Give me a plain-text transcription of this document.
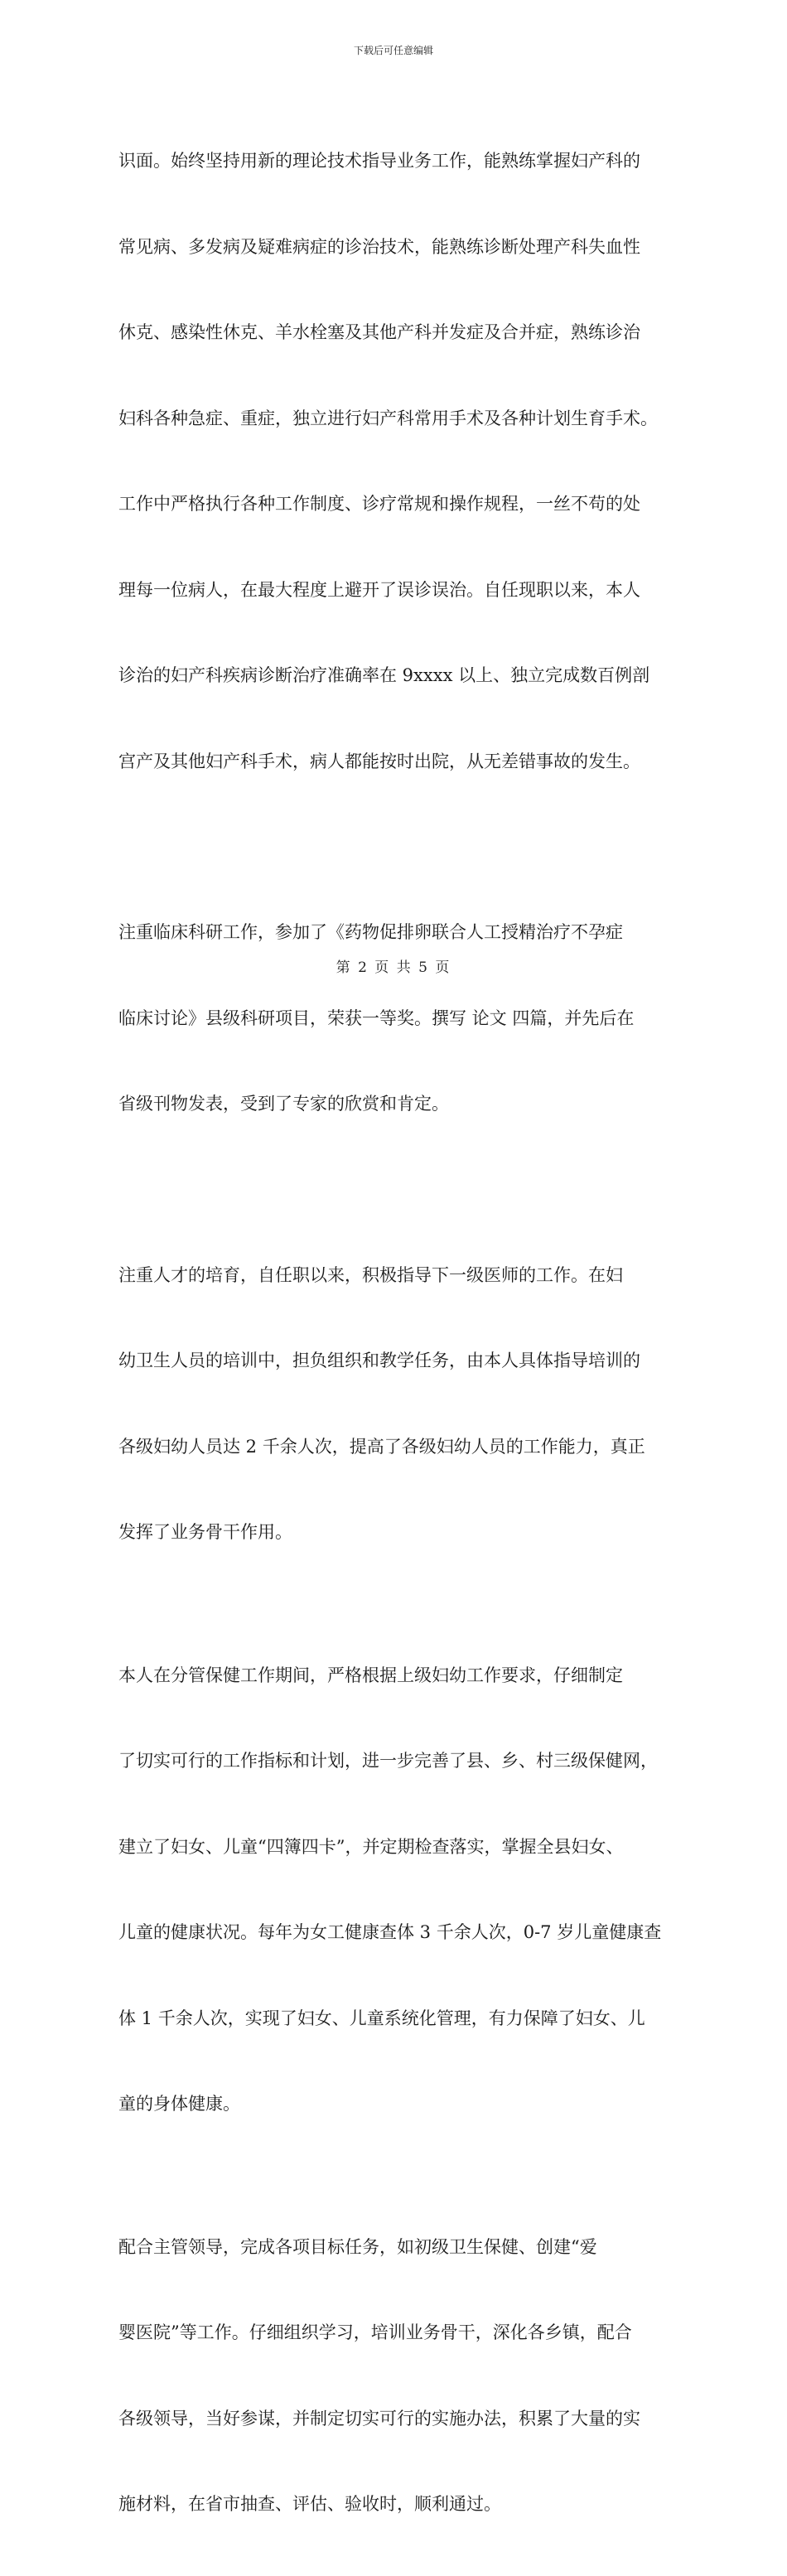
下载后可任意编辑

识面。始终坚持用新的理论技术指导业务工作，能熟练掌握妇产科的

常见病、多发病及疑难病症的诊治技术，能熟练诊断处理产科失血性

休克、感染性休克、羊水栓塞及其他产科并发症及合并症，熟练诊治

妇科各种急症、重症，独立进行妇产科常用手术及各种计划生育手术。

工作中严格执行各种工作制度、诊疗常规和操作规程，一丝不苟的处

理每一位病人，在最大程度上避开了误诊误治。自任现职以来，本人

诊治的妇产科疾病诊断治疗准确率在 9xxxx 以上、独立完成数百例剖

宫产及其他妇产科手术，病人都能按时出院，从无差错事故的发生。

注重临床科研工作，参加了《药物促排卵联合人工授精治疗不孕症

临床讨论》县级科研项目，荣获一等奖。撰写 论文 四篇，并先后在

省级刊物发表，受到了专家的欣赏和肯定。

注重人才的培育，自任职以来，积极指导下一级医师的工作。在妇

幼卫生人员的培训中，担负组织和教学任务，由本人具体指导培训的

各级妇幼人员达 2 千余人次，提高了各级妇幼人员的工作能力，真正

发挥了业务骨干作用。

本人在分管保健工作期间，严格根据上级妇幼工作要求，仔细制定

了切实可行的工作指标和计划，进一步完善了县、乡、村三级保健网，

建立了妇女、儿童“四簿四卡”，并定期检查落实，掌握全县妇女、

儿童的健康状况。每年为女工健康查体 3 千余人次，0-7 岁儿童健康查

体 1 千余人次，实现了妇女、儿童系统化管理，有力保障了妇女、儿

童的身体健康。

配合主管领导，完成各项目标任务，如初级卫生保健、创建“爱

婴医院”等工作。仔细组织学习，培训业务骨干，深化各乡镇，配合

各级领导，当好参谋，并制定切实可行的实施办法，积累了大量的实

施材料，在省市抽查、评估、验收时，顺利通过。

第 2 页 共 5 页
